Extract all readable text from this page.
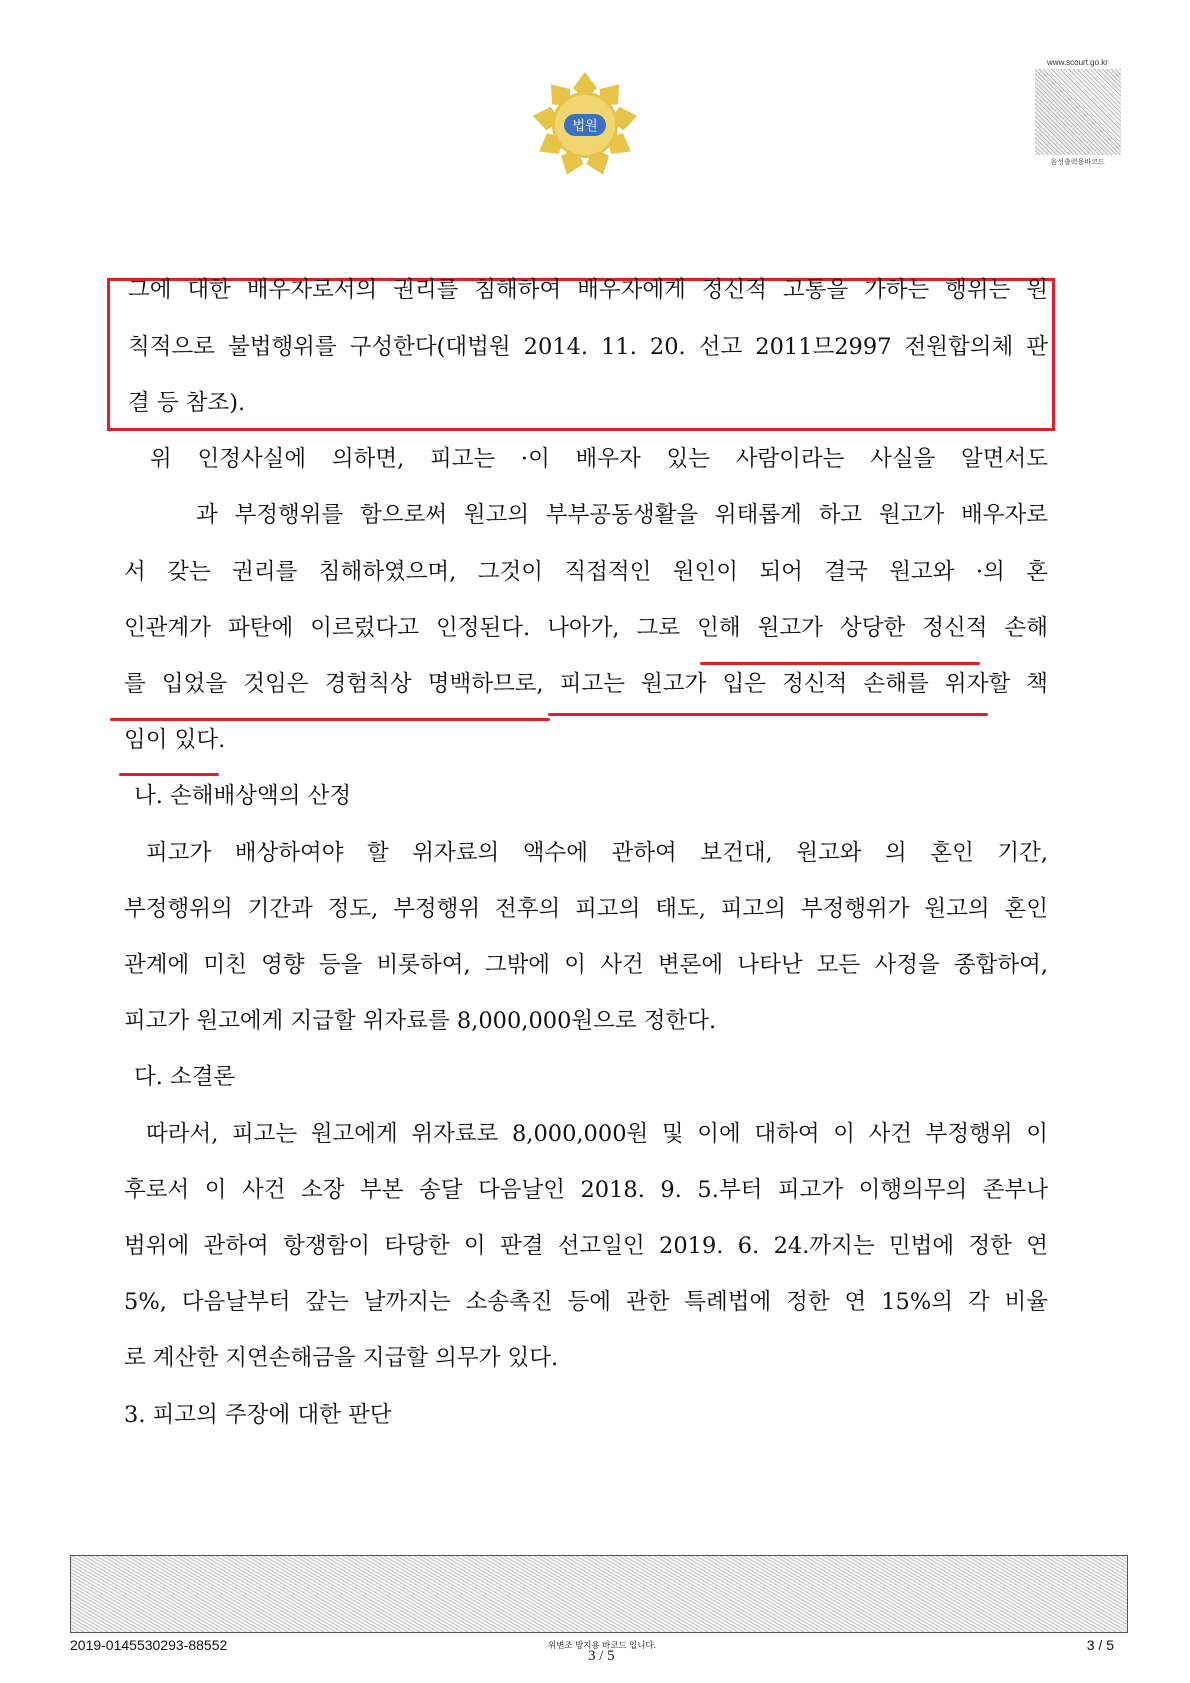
법원
www.scourt.go.kr
음성출력용바코드
그에 대한 배우자로서의 권리를 침해하여 배우자에게 정신적 고통을 가하는 행위는 원
칙적으로 불법행위를 구성한다(대법원 2014. 11. 20. 선고 2011므2997 전원합의체 판
결 등 참조).
위 인정사실에 의하면, 피고는 ·이 배우자 있는 사람이라는 사실을 알면서도
과 부정행위를 함으로써 원고의 부부공동생활을 위태롭게 하고 원고가 배우자로
서 갖는 권리를 침해하였으며, 그것이 직접적인 원인이 되어 결국 원고와 ·의 혼
인관계가 파탄에 이르렀다고 인정된다. 나아가, 그로 인해 원고가 상당한 정신적 손해
를 입었을 것임은 경험칙상 명백하므로, 피고는 원고가 입은 정신적 손해를 위자할 책
임이 있다.
나. 손해배상액의 산정
피고가 배상하여야 할 위자료의 액수에 관하여 보건대, 원고와 의 혼인 기간,
부정행위의 기간과 정도, 부정행위 전후의 피고의 태도, 피고의 부정행위가 원고의 혼인
관계에 미친 영향 등을 비롯하여, 그밖에 이 사건 변론에 나타난 모든 사정을 종합하여,
피고가 원고에게 지급할 위자료를 8,000,000원으로 정한다.
다. 소결론
따라서, 피고는 원고에게 위자료로 8,000,000원 및 이에 대하여 이 사건 부정행위 이
후로서 이 사건 소장 부본 송달 다음날인 2018. 9. 5.부터 피고가 이행의무의 존부나
범위에 관하여 항쟁함이 타당한 이 판결 선고일인 2019. 6. 24.까지는 민법에 정한 연
5%, 다음날부터 갚는 날까지는 소송촉진 등에 관한 특례법에 정한 연 15%의 각 비율
로 계산한 지연손해금을 지급할 의무가 있다.
3. 피고의 주장에 대한 판단
2019-0145530293-88552	위변조 방지용 바코드 입니다.
3 / 5
3 / 5
